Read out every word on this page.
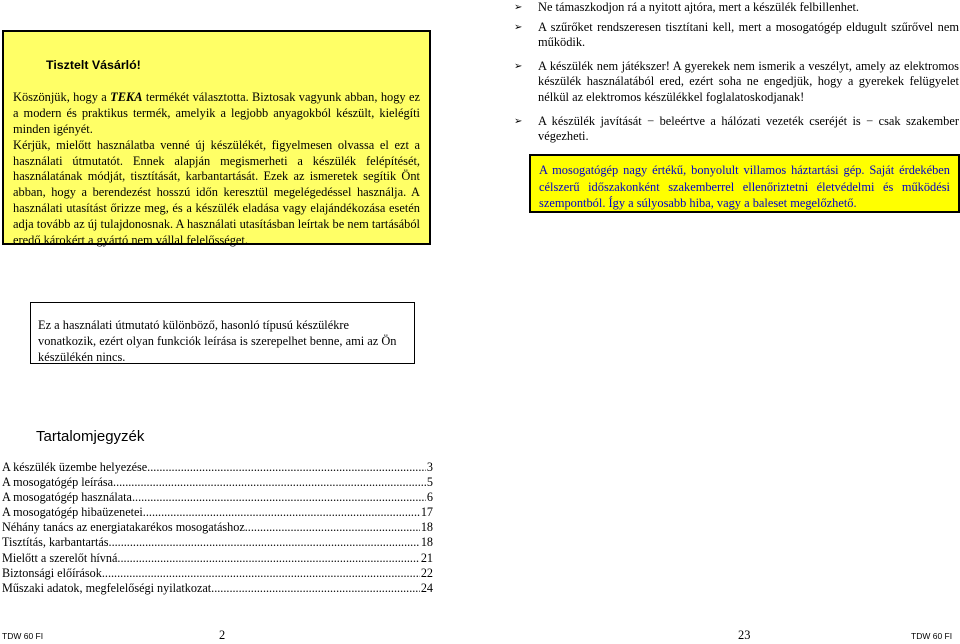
Tisztelt Vásárló!

Köszönjük, hogy a TEKA termékét választotta. Biztosak vagyunk abban, hogy ez a modern és praktikus termék, amelyik a legjobb anyagokból készült, kielégíti minden igényét.

Kérjük, mielőtt használatba venné új készülékét, figyelmesen olvassa el ezt a használati útmutatót. Ennek alapján megismerheti a készülék felépítését, használatának módját, tisztítását, karbantartását. Ezek az ismeretek segítik Önt abban, hogy a berendezést hosszú időn keresztül megelégedéssel használja. A használati utasítást őrizze meg, és a készülék eladása vagy elajándékozása esetén adja tovább az új tulajdonosnak. A használati utasításban leírtak be nem tartásából eredő károkért a gyártó nem vállal felelősséget.

➢ Ne támaszkodjon rá a nyitott ajtóra, mert a készülék felbillenhet.
➢ A szűrőket rendszeresen tisztítani kell, mert a mosogatógép eldugult szűrővel nem működik.
➢ A készülék nem játékszer! A gyerekek nem ismerik a veszélyt, amely az elektromos készülék használatából ered, ezért soha ne engedjük, hogy a gyerekek felügyelet nélkül az elektromos készülékkel foglalatoskodjanak!
➢ A készülék javítását − beleértve a hálózati vezeték cseréjét is − csak szakember végezheti.
A mosogatógép nagy értékű, bonyolult villamos háztartási gép. Saját érdekében célszerű időszakonként szakemberrel ellenőriztetni életvédelmi és működési szempontból. Így a súlyosabb hiba, vagy a baleset megelőzhető.
Ez a használati útmutató különböző, hasonló típusú készülékre vonatkozik, ezért olyan funkciók leírása is szerepelhet benne, ami az Ön készülékén nincs.
Tartalomjegyzék
A készülék üzembe helyezése .....	3
A mosogatógép leírása .....	5
A mosogatógép használata .....	6
A mosogatógép hibaüzenetei .....	17
Néhány tanács az energiatakarékos mosogatáshoz .....	18
Tisztítás, karbantartás .....	18
Mielőtt a szerelőt hívná .....	21
Biztonsági előírások .....	22
Műszaki adatok, megfelelőségi nyilatkozat .....	24
TDW 60 FI	2	23	TDW 60 FI
